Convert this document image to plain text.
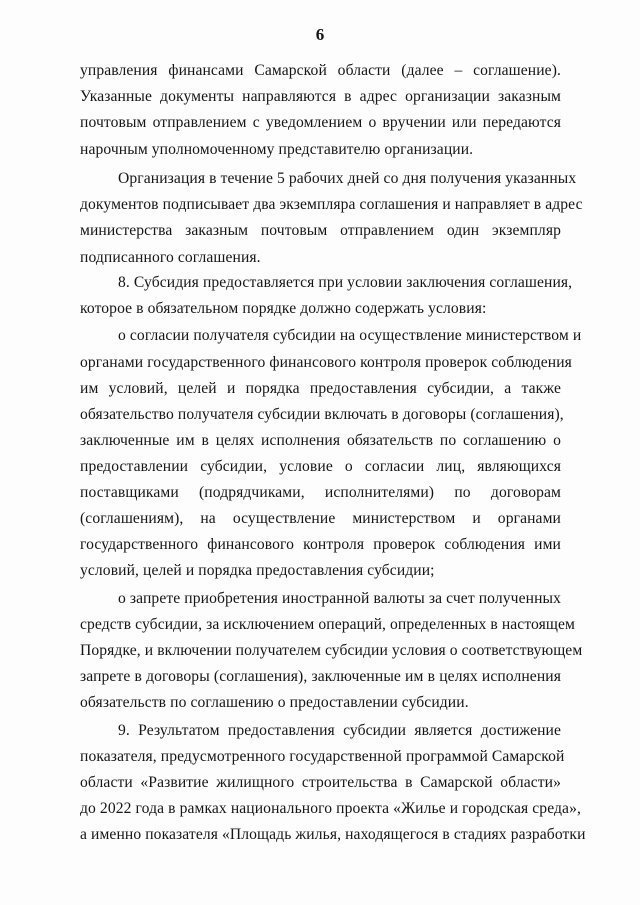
6
управления финансами Самарской области (далее – соглашение).
Указанные документы направляются в адрес организации заказным
почтовым отправлением с уведомлением о вручении или передаются
нарочным уполномоченному представителю организации.
Организация в течение 5 рабочих дней со дня получения указанных
документов подписывает два экземпляра соглашения и направляет в адрес
министерства заказным почтовым отправлением один экземпляр
подписанного соглашения.
8. Субсидия предоставляется при условии заключения соглашения,
которое в обязательном порядке должно содержать условия:
о согласии получателя субсидии на осуществление министерством и
органами государственного финансового контроля проверок соблюдения
им условий, целей и порядка предоставления субсидии, а также
обязательство получателя субсидии включать в договоры (соглашения),
заключенные им в целях исполнения обязательств по соглашению о
предоставлении субсидии, условие о согласии лиц, являющихся
поставщиками (подрядчиками, исполнителями) по договорам
(соглашениям), на осуществление министерством и органами
государственного финансового контроля проверок соблюдения ими
условий, целей и порядка предоставления субсидии;
о запрете приобретения иностранной валюты за счет полученных
средств субсидии, за исключением операций, определенных в настоящем
Порядке, и включении получателем субсидии условия о соответствующем
запрете в договоры (соглашения), заключенные им в целях исполнения
обязательств по соглашению о предоставлении субсидии.
9. Результатом предоставления субсидии является достижение
показателя, предусмотренного государственной программой Самарской
области «Развитие жилищного строительства в Самарской области»
до 2022 года в рамках национального проекта «Жилье и городская среда»,
а именно показателя «Площадь жилья, находящегося в стадиях разработки
